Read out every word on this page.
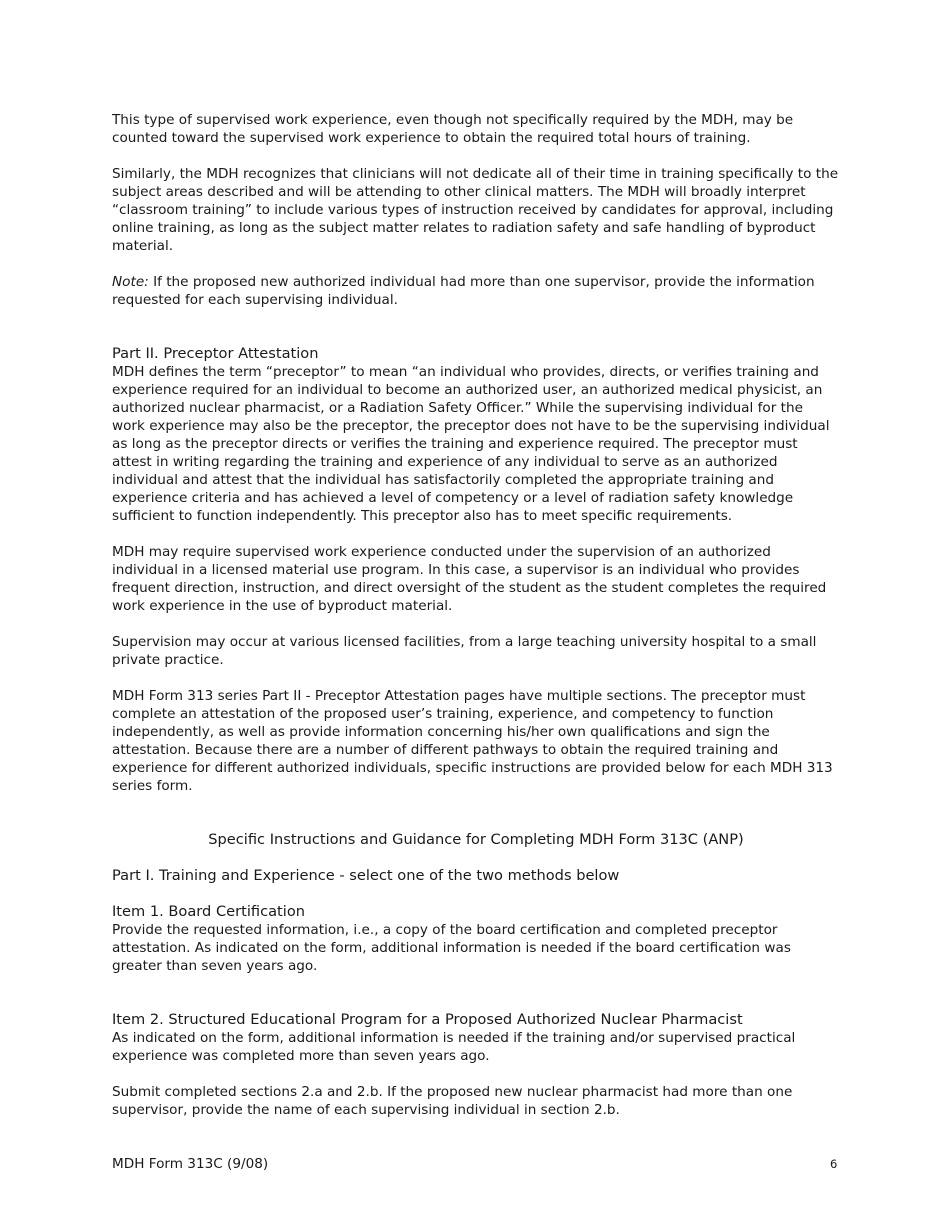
This type of supervised work experience, even though not specifically required by the MDH, may be counted toward the supervised work experience to obtain the required total hours of training.

Similarly, the MDH recognizes that clinicians will not dedicate all of their time in training specifically to the subject areas described and will be attending to other clinical matters. The MDH will broadly interpret “classroom training” to include various types of instruction received by candidates for approval, including online training, as long as the subject matter relates to radiation safety and safe handling of byproduct material.

Note: If the proposed new authorized individual had more than one supervisor, provide the information requested for each supervising individual.

Part II. Preceptor Attestation

MDH defines the term “preceptor” to mean “an individual who provides, directs, or verifies training and experience required for an individual to become an authorized user, an authorized medical physicist, an authorized nuclear pharmacist, or a Radiation Safety Officer.” While the supervising individual for the work experience may also be the preceptor, the preceptor does not have to be the supervising individual as long as the preceptor directs or verifies the training and experience required. The preceptor must attest in writing regarding the training and experience of any individual to serve as an authorized individual and attest that the individual has satisfactorily completed the appropriate training and experience criteria and has achieved a level of competency or a level of radiation safety knowledge sufficient to function independently. This preceptor also has to meet specific requirements.

MDH may require supervised work experience conducted under the supervision of an authorized individual in a licensed material use program. In this case, a supervisor is an individual who provides frequent direction, instruction, and direct oversight of the student as the student completes the required work experience in the use of byproduct material.

Supervision may occur at various licensed facilities, from a large teaching university hospital to a small private practice.

MDH Form 313 series Part II - Preceptor Attestation pages have multiple sections. The preceptor must complete an attestation of the proposed user’s training, experience, and competency to function independently, as well as provide information concerning his/her own qualifications and sign the attestation. Because there are a number of different pathways to obtain the required training and experience for different authorized individuals, specific instructions are provided below for each MDH 313 series form.

Specific Instructions and Guidance for Completing MDH Form 313C (ANP)
Part I. Training and Experience - select one of the two methods below
Item 1. Board Certification

Provide the requested information, i.e., a copy of the board certification and completed preceptor attestation. As indicated on the form, additional information is needed if the board certification was greater than seven years ago.

Item 2. Structured Educational Program for a Proposed Authorized Nuclear Pharmacist

As indicated on the form, additional information is needed if the training and/or supervised practical experience was completed more than seven years ago.

Submit completed sections 2.a and 2.b. If the proposed new nuclear pharmacist had more than one supervisor, provide the name of each supervising individual in section 2.b.

MDH Form 313C (9/08)	6
